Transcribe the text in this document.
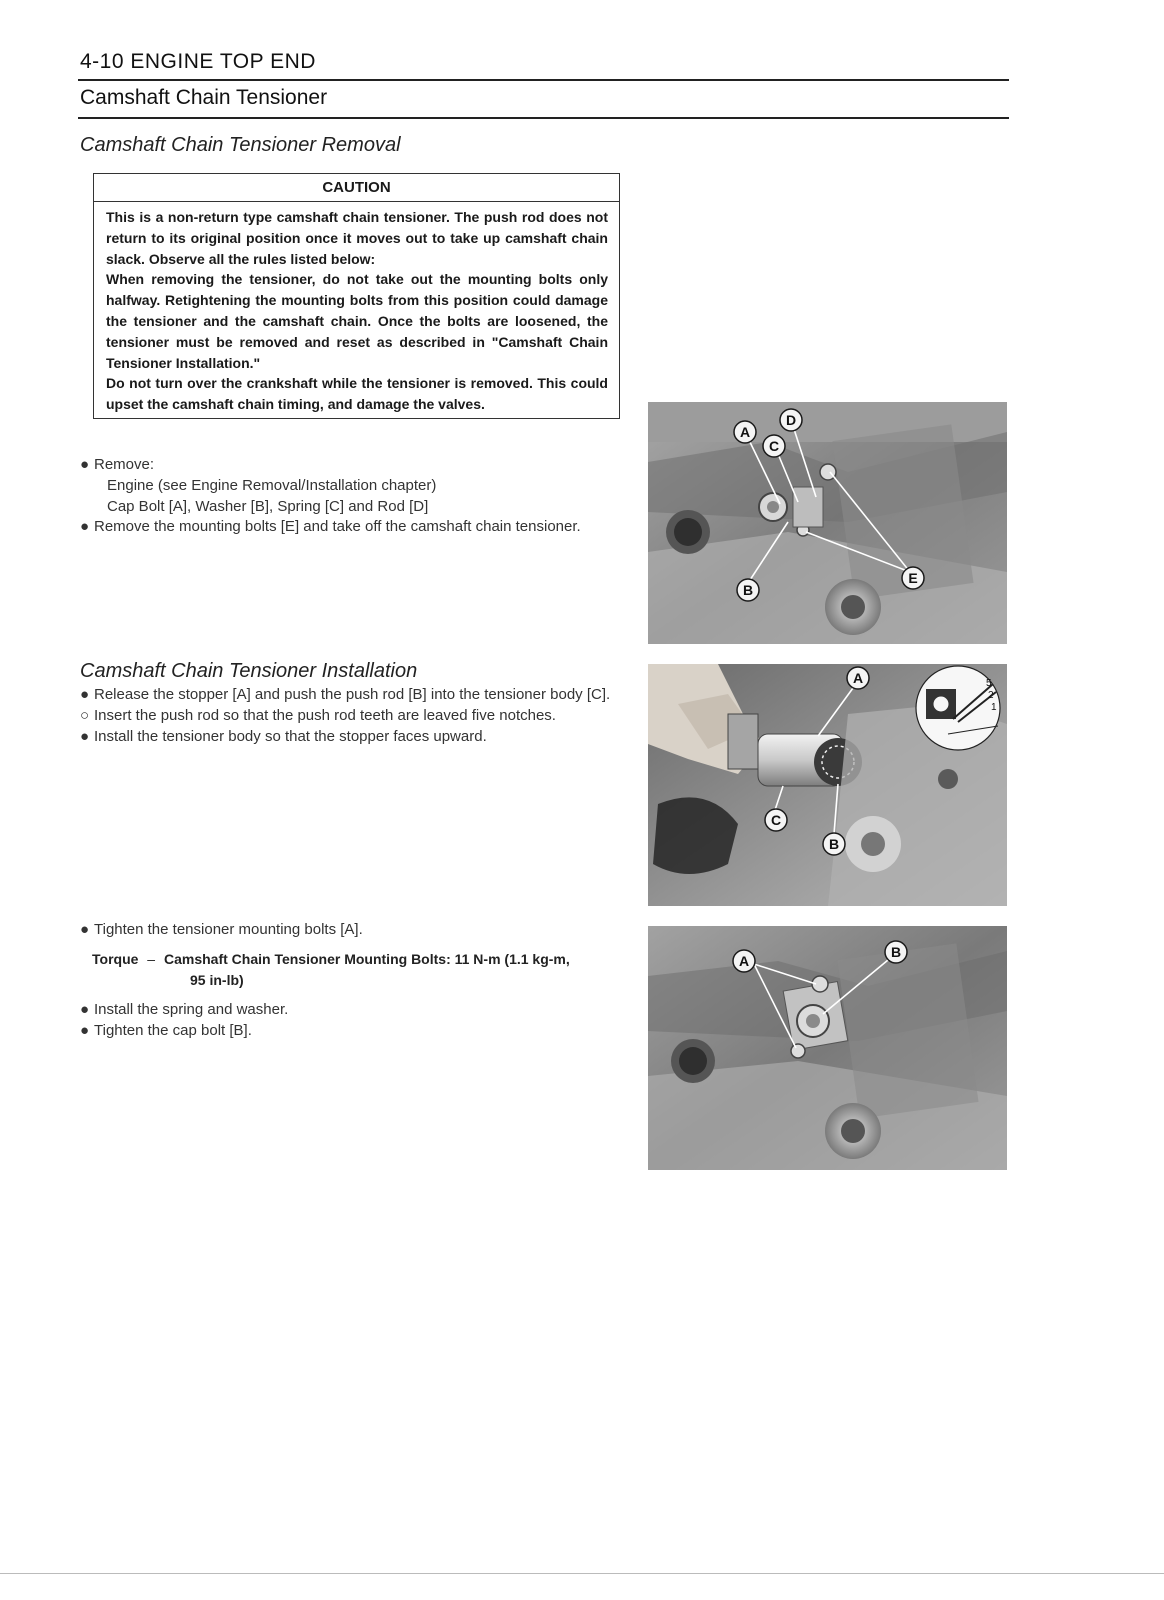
4-10 ENGINE TOP END
Camshaft Chain Tensioner
Camshaft Chain Tensioner Removal
CAUTION

This is a non-return type camshaft chain tensioner. The push rod does not return to its original position once it moves out to take up camshaft chain slack. Observe all the rules listed below:

When removing the tensioner, do not take out the mounting bolts only halfway. Retightening the mounting bolts from this position could damage the tensioner and the camshaft chain. Once the bolts are loosened, the tensioner must be removed and reset as described in "Camshaft Chain Tensioner Installation."

Do not turn over the crankshaft while the tensioner is removed. This could upset the camshaft chain timing, and damage the valves.

● Remove:
Engine (see Engine Removal/Installation chapter)
Cap Bolt [A], Washer [B], Spring [C] and Rod [D]
● Remove the mounting bolts [E] and take off the camshaft chain tensioner.
Camshaft Chain Tensioner Installation
● Release the stopper [A] and push the push rod [B] into the tensioner body [C].
○ Insert the push rod so that the push rod teeth are leaved five notches.
● Install the tensioner body so that the stopper faces upward.
● Tighten the tensioner mounting bolts [A].
Torque – Camshaft Chain Tensioner Mounting Bolts: 11 N-m (1.1 kg-m,
95 in-lb)
● Install the spring and washer.
● Tighten the cap bolt [B].
A
B
C
D
E
5
2
1
A
B
C
A
B
